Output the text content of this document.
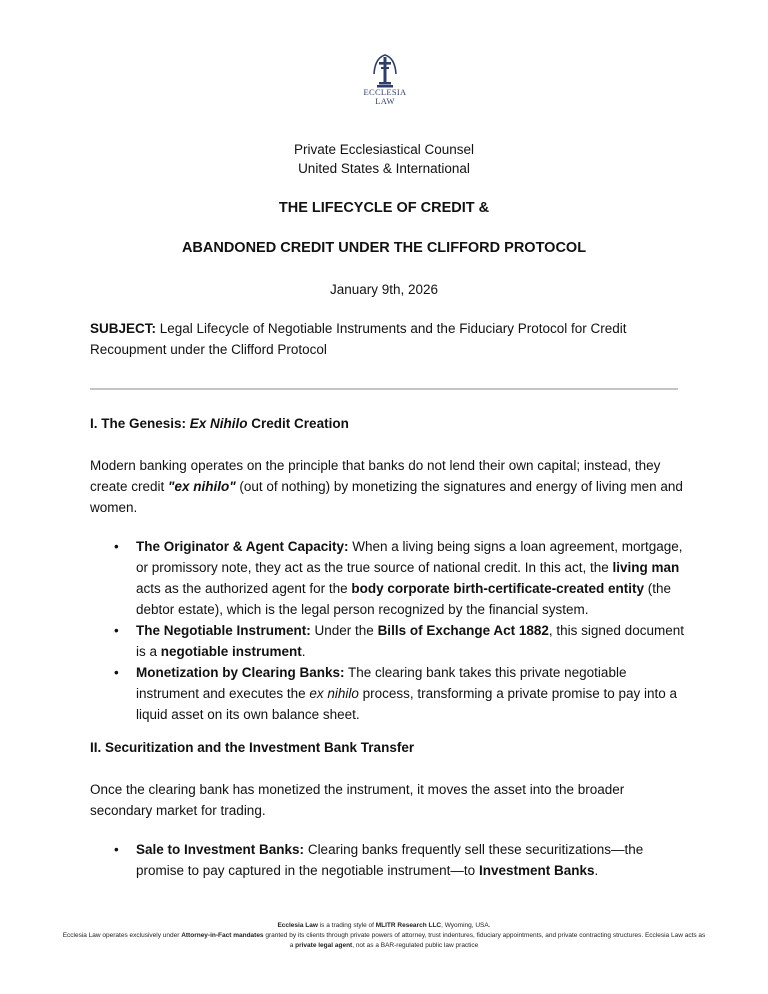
ECCLESIA
LAW
Private Ecclesiastical Counsel
United States & International
THE LIFECYCLE OF CREDIT &
ABANDONED CREDIT UNDER THE CLIFFORD PROTOCOL
January 9th, 2026
SUBJECT: Legal Lifecycle of Negotiable Instruments and the Fiduciary Protocol for Credit Recoupment under the Clifford Protocol
I. The Genesis: Ex Nihilo Credit Creation
Modern banking operates on the principle that banks do not lend their own capital; instead, they create credit "ex nihilo" (out of nothing) by monetizing the signatures and energy of living men and women.
• The Originator & Agent Capacity: When a living being signs a loan agreement, mortgage, or promissory note, they act as the true source of national credit. In this act, the living man acts as the authorized agent for the body corporate birth-certificate-created entity (the debtor estate), which is the legal person recognized by the financial system.
• The Negotiable Instrument: Under the Bills of Exchange Act 1882, this signed document is a negotiable instrument.
• Monetization by Clearing Banks: The clearing bank takes this private negotiable instrument and executes the ex nihilo process, transforming a private promise to pay into a liquid asset on its own balance sheet.
II. Securitization and the Investment Bank Transfer
Once the clearing bank has monetized the instrument, it moves the asset into the broader secondary market for trading.
• Sale to Investment Banks: Clearing banks frequently sell these securitizations—the promise to pay captured in the negotiable instrument—to Investment Banks.
Ecclesia Law is a trading style of MLITR Research LLC, Wyoming, USA.
Ecclesia Law operates exclusively under Attorney-in-Fact mandates granted by its clients through private powers of attorney, trust indentures, fiduciary appointments, and private contracting structures. Ecclesia Law acts as a private legal agent, not as a BAR-regulated public law practice
